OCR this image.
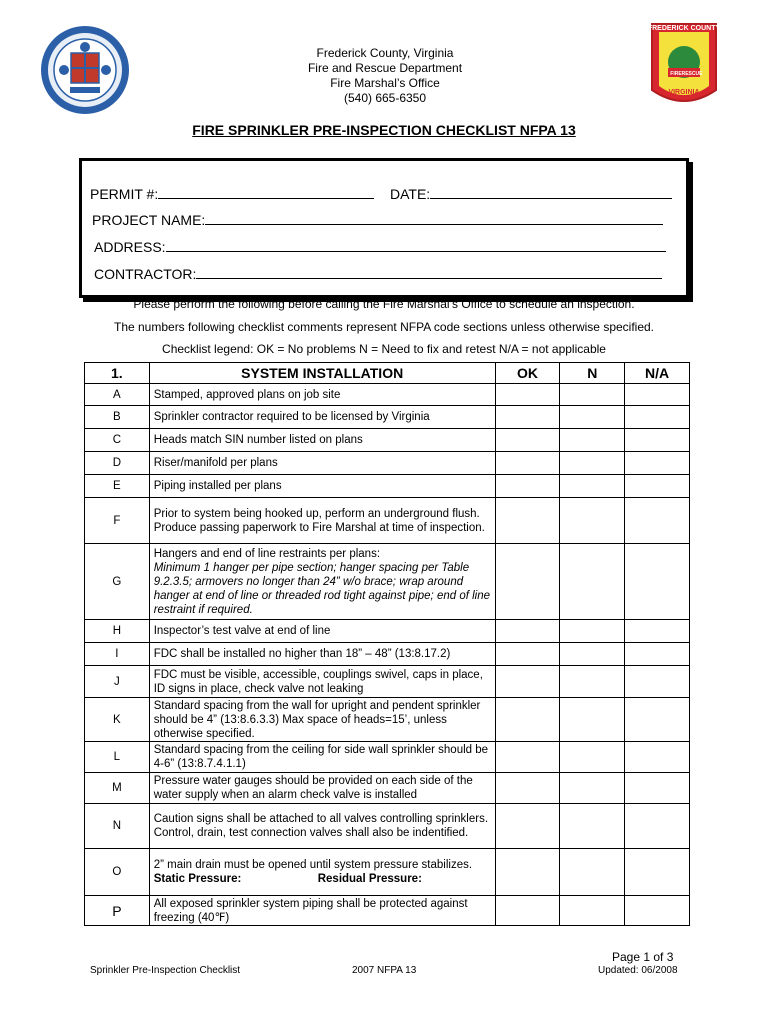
FREDERICK COUNTY
FIRE RESCUE
VIRGINIA
Frederick County, Virginia
Fire and Rescue Department
Fire Marshal’s Office
(540) 665-6350
FIRE SPRINKLER PRE-INSPECTION CHECKLIST NFPA 13
PERMIT #:	DATE:
PROJECT NAME:
ADDRESS:
CONTRACTOR:
Please perform the following before calling the Fire Marshal’s Office to schedule an inspection.
The numbers following checklist comments represent NFPA code sections unless otherwise specified.
Checklist legend: OK = No problems N = Need to fix and retest N/A = not applicable
1.	SYSTEM INSTALLATION	OK	N	N/A
A	Stamped, approved plans on job site			
B	Sprinkler contractor required to be licensed by Virginia			
C	Heads match SIN number listed on plans			
D	Riser/manifold per plans			
E	Piping installed per plans			
F	Prior to system being hooked up, perform an underground flush. Produce passing paperwork to Fire Marshal at time of inspection.			
G	Hangers and end of line restraints per plans:
Minimum 1 hanger per pipe section; hanger spacing per Table 9.2.3.5; armovers no longer than 24” w/o brace; wrap around hanger at end of line or threaded rod tight against pipe; end of line restraint if required.			

H	Inspector’s test valve at end of line			
I	FDC shall be installed no higher than 18” – 48” (13:8.17.2)			
J	FDC must be visible, accessible, couplings swivel, caps in place, ID signs in place, check valve not leaking			
K	Standard spacing from the wall for upright and pendent sprinkler should be 4” (13:8.6.3.3) Max space of heads=15’, unless otherwise specified.			
L	Standard spacing from the ceiling for side wall sprinkler should be 4-6” (13:8.7.4.1.1)			
M	Pressure water gauges should be provided on each side of the water supply when an alarm check valve is installed			
N	Caution signs shall be attached to all valves controlling sprinklers. Control, drain, test connection valves shall also be indentified.			
O	2” main drain must be opened until system pressure stabilizes.
Static Pressure: Residual Pressure:			

P	All exposed sprinkler system piping shall be protected against freezing (40℉)			
Page 1 of 3
Sprinkler Pre-Inspection Checklist	2007 NFPA 13	Updated: 06/2008
